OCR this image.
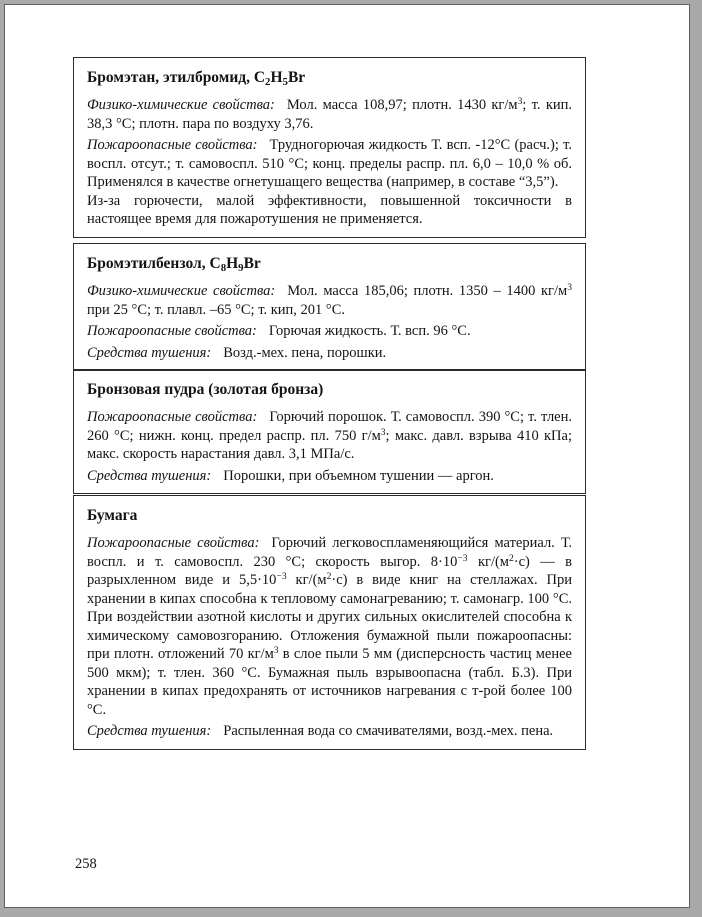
Бромэтан, этилбромид, $C_2H_5Br$

Физико-химические свойства: Мол. масса 108,97; плотн. 1430 $кг/м^3$; т. кип. 38,3 °С; плотн. пара по воздуху 3,76.

Пожароопасные свойства: Трудногорючая жидкость Т. всп. -12°С (расч.); т. воспл. отсут.; т. самовоспл. 510 °С; конц. пределы распр. пл. 6,0 – 10,0 % об. Применялся в качестве огнетушащего вещества (например, в составе “3,5”).

Из-за горючести, малой эффективности, повышенной токсичности в настоящее время для пожаротушения не применяется.

Бромэтилбензол, $C_8H_9Br$

Физико-химические свойства: Мол. масса 185,06; плотн. 1350 – 1400 $кг/м^3$ при 25 °С; т. плавл. –65 °С; т. кип, 201 °С.

Пожароопасные свойства: Горючая жидкость. Т. всп. 96 °С.

Средства тушения: Возд.-мех. пена, порошки.

Бронзовая пудра (золотая бронза)

Пожароопасные свойства: Горючий порошок. Т. самовоспл. 390 °С; т. тлен. 260 °С; нижн. конц. предел распр. пл. 750 $г/м^3$; макс. давл. взрыва 410 кПа; макс. скорость нарастания давл. 3,1 МПа/с.

Средства тушения: Порошки, при объемном тушении — аргон.

Бумага

Пожароопасные свойства: Горючий легковоспламеняющийся материал. Т. воспл. и т. самовоспл. 230 °С; скорость выгор. $8\cdot 10^{-3}$ $кг/(м^2\cdot с)$ — в разрыхленном виде и $5,5\cdot 10^{-3}$ $кг/(м^2\cdot с)$ в виде книг на стеллажах. При хранении в кипах способна к тепловому самонагреванию; т. самонагр. 100 °С. При воздействии азотной кислоты и других сильных окислителей способна к химическому самовозгоранию. Отложения бумажной пыли пожароопасны: при плотн. отложений 70 $кг/м^3$ в слое пыли 5 мм (дисперсность частиц менее 500 мкм); т. тлен. 360 °С. Бумажная пыль взрывоопасна (табл. Б.3). При хранении в кипах предохранять от источников нагревания с т-рой более 100 °С.

Средства тушения: Распыленная вода со смачивателями, возд.-мех. пена.

258
